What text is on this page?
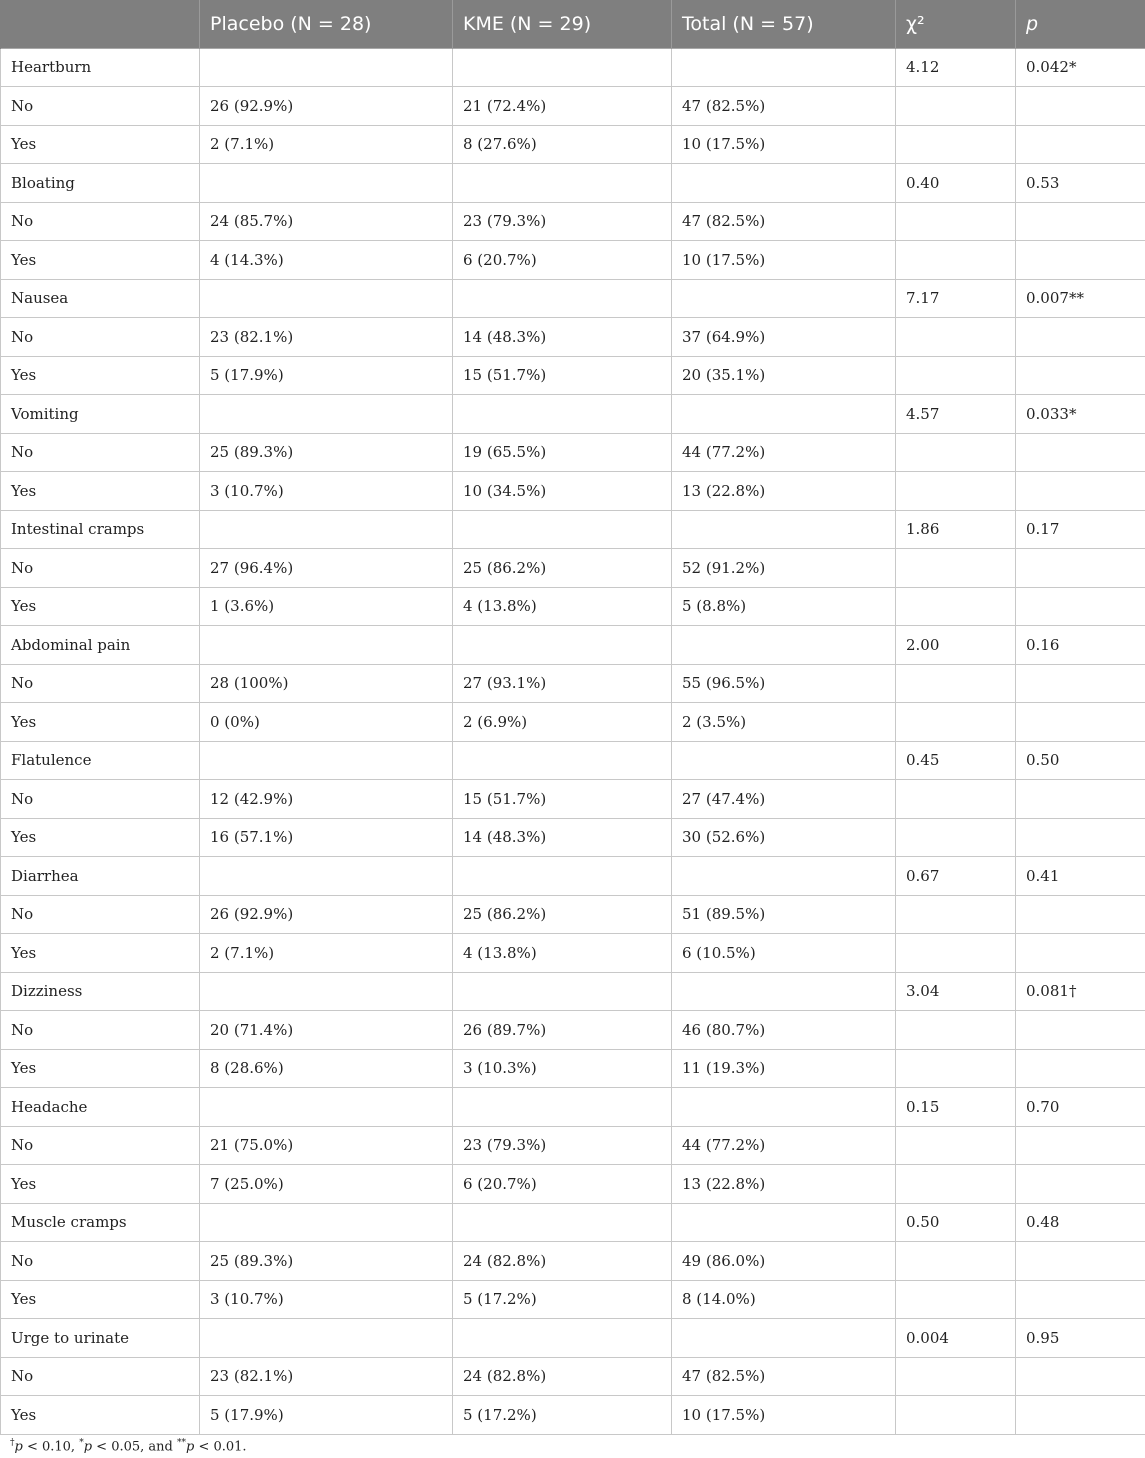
	Placebo (N = 28)	KME (N = 29)	Total (N = 57)	χ²	p
Heartburn				4.12	0.042*
No	26 (92.9%)	21 (72.4%)	47 (82.5%)		
Yes	2 (7.1%)	8 (27.6%)	10 (17.5%)		
Bloating				0.40	0.53
No	24 (85.7%)	23 (79.3%)	47 (82.5%)		
Yes	4 (14.3%)	6 (20.7%)	10 (17.5%)		
Nausea				7.17	0.007**
No	23 (82.1%)	14 (48.3%)	37 (64.9%)		
Yes	5 (17.9%)	15 (51.7%)	20 (35.1%)		
Vomiting				4.57	0.033*
No	25 (89.3%)	19 (65.5%)	44 (77.2%)		
Yes	3 (10.7%)	10 (34.5%)	13 (22.8%)		
Intestinal cramps				1.86	0.17
No	27 (96.4%)	25 (86.2%)	52 (91.2%)		
Yes	1 (3.6%)	4 (13.8%)	5 (8.8%)		
Abdominal pain				2.00	0.16
No	28 (100%)	27 (93.1%)	55 (96.5%)		
Yes	0 (0%)	2 (6.9%)	2 (3.5%)		
Flatulence				0.45	0.50
No	12 (42.9%)	15 (51.7%)	27 (47.4%)		
Yes	16 (57.1%)	14 (48.3%)	30 (52.6%)		
Diarrhea				0.67	0.41
No	26 (92.9%)	25 (86.2%)	51 (89.5%)		
Yes	2 (7.1%)	4 (13.8%)	6 (10.5%)		
Dizziness				3.04	0.081†
No	20 (71.4%)	26 (89.7%)	46 (80.7%)		
Yes	8 (28.6%)	3 (10.3%)	11 (19.3%)		
Headache				0.15	0.70
No	21 (75.0%)	23 (79.3%)	44 (77.2%)		
Yes	7 (25.0%)	6 (20.7%)	13 (22.8%)		
Muscle cramps				0.50	0.48
No	25 (89.3%)	24 (82.8%)	49 (86.0%)		
Yes	3 (10.7%)	5 (17.2%)	8 (14.0%)		
Urge to urinate				0.004	0.95
No	23 (82.1%)	24 (82.8%)	47 (82.5%)		
Yes	5 (17.9%)	5 (17.2%)	10 (17.5%)		
†p < 0.10, *p < 0.05, and **p < 0.01.
